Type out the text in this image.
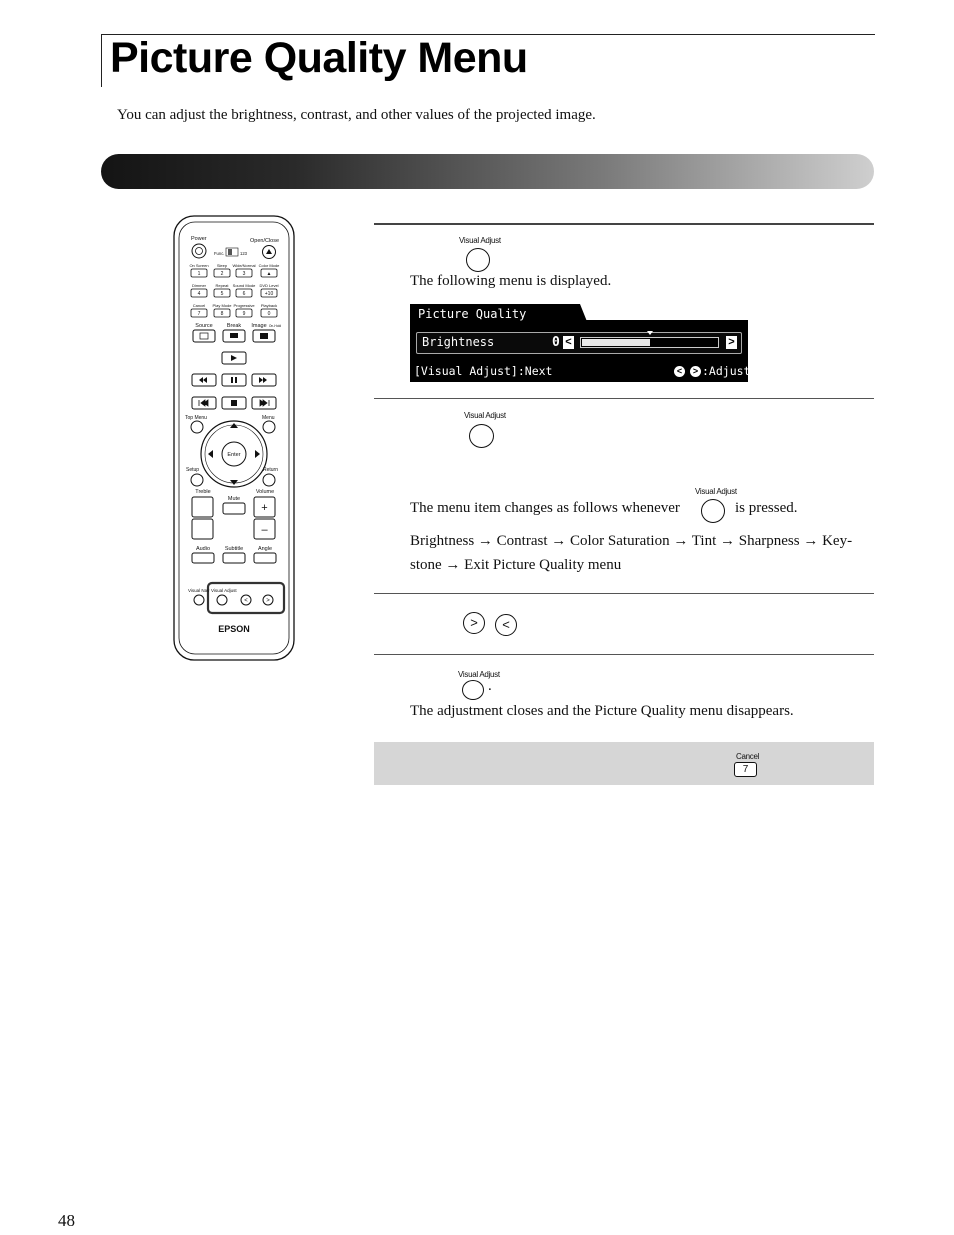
Picture Quality Menu
You can adjust the brightness, contrast, and other values of the projected image.
Power	Open/Close
Func.	123
On Screen
1
Sleep
2
Wide/Normal
3
Color Mode
▲
Dimmer
4
Repeat
5
Sound Mode
6
DVD Level
+10
Cancel
7
Play Mode
8
Progressive
9
Playback
0
Source	Break Image On-Hold
Top Menu	Menu
Enter
Setup	Return
Treble
Mute
Volume
+
–
Audio	Subtitle	Angle
Visual Nav Visual Adjust
<	>
EPSON
Visual Adjust
The following menu is displayed.
Picture Quality
Brightness	0 <	>
[Visual Adjust]:Next	<	> :Adjust
Visual Adjust
The menu item changes as follows whenever
Visual Adjust
is pressed.
Brightness → Contrast → Color Saturation → Tint → Sharpness → Key-
stone → Exit Picture Quality menu
>	<
Visual Adjust
.
The adjustment closes and the Picture Quality menu disappears.
Cancel
7
48
